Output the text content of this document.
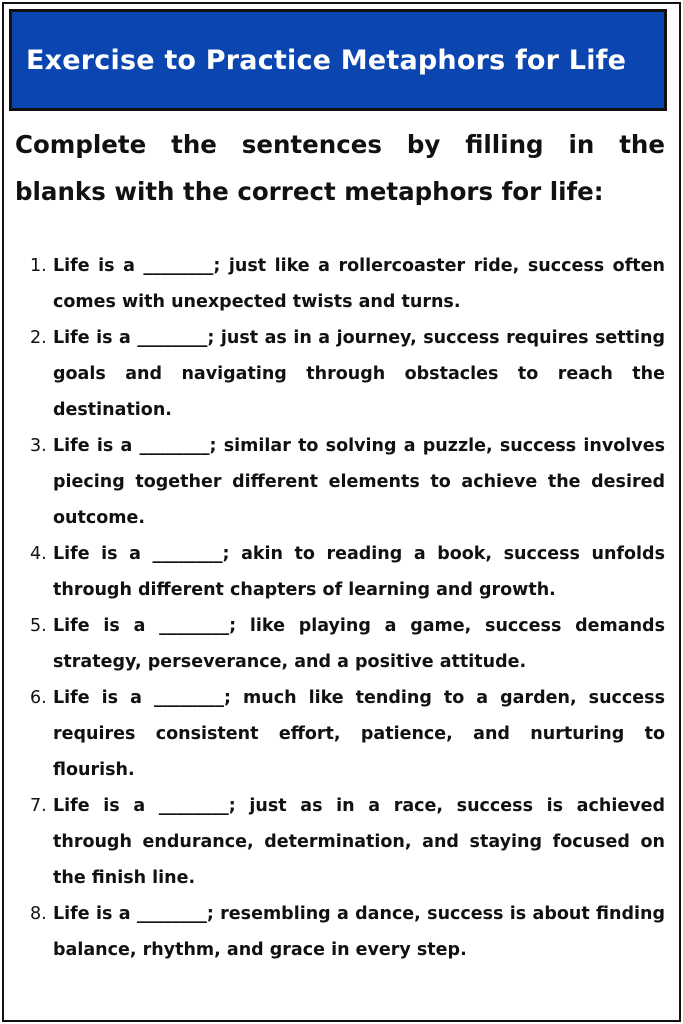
Exercise to Practice Metaphors for Life

Complete the sentences by filling in the blanks with the correct metaphors for life:

1. Life is a ________; just like a rollercoaster ride, success often comes with unexpected twists and turns.
2. Life is a ________; just as in a journey, success requires setting goals and navigating through obstacles to reach the destination.
3. Life is a ________; similar to solving a puzzle, success involves piecing together different elements to achieve the desired outcome.
4. Life is a ________; akin to reading a book, success unfolds through different chapters of learning and growth.
5. Life is a ________; like playing a game, success demands strategy, perseverance, and a positive attitude.
6. Life is a ________; much like tending to a garden, success requires consistent effort, patience, and nurturing to flourish.
7. Life is a ________; just as in a race, success is achieved through endurance, determination, and staying focused on the finish line.
8. Life is a ________; resembling a dance, success is about finding balance, rhythm, and grace in every step.
